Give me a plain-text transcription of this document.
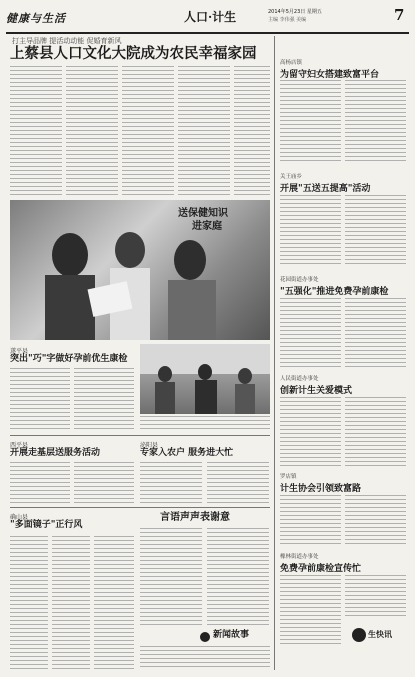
健康与生活	人口·计生	2014年5月23日 星期五
主编 李伟强 美编	7
打主导品牌 提活动动能 促婚育新风
上蔡县人口文化大院成为农民幸福家园
送保健知识
进家庭
遂平县
突出"巧"字做好孕前优生康检
西平县
开展走基层送服务活动
泌阳县
专家入农户 服务进大忙
确山县
"多面镜子"正行风
言语声声表谢意
新闻故事
高杨店镇
为留守妇女搭建致富平台
关王庙乡
开展"五送五提高"活动
花园街道办事处
"五强化"推进免费孕前康检
人民街道办事处
创新计生关爱模式
罗店镇
计生协会引领致富路
橡林街道办事处
免费孕前康检宣传忙
生快讯
